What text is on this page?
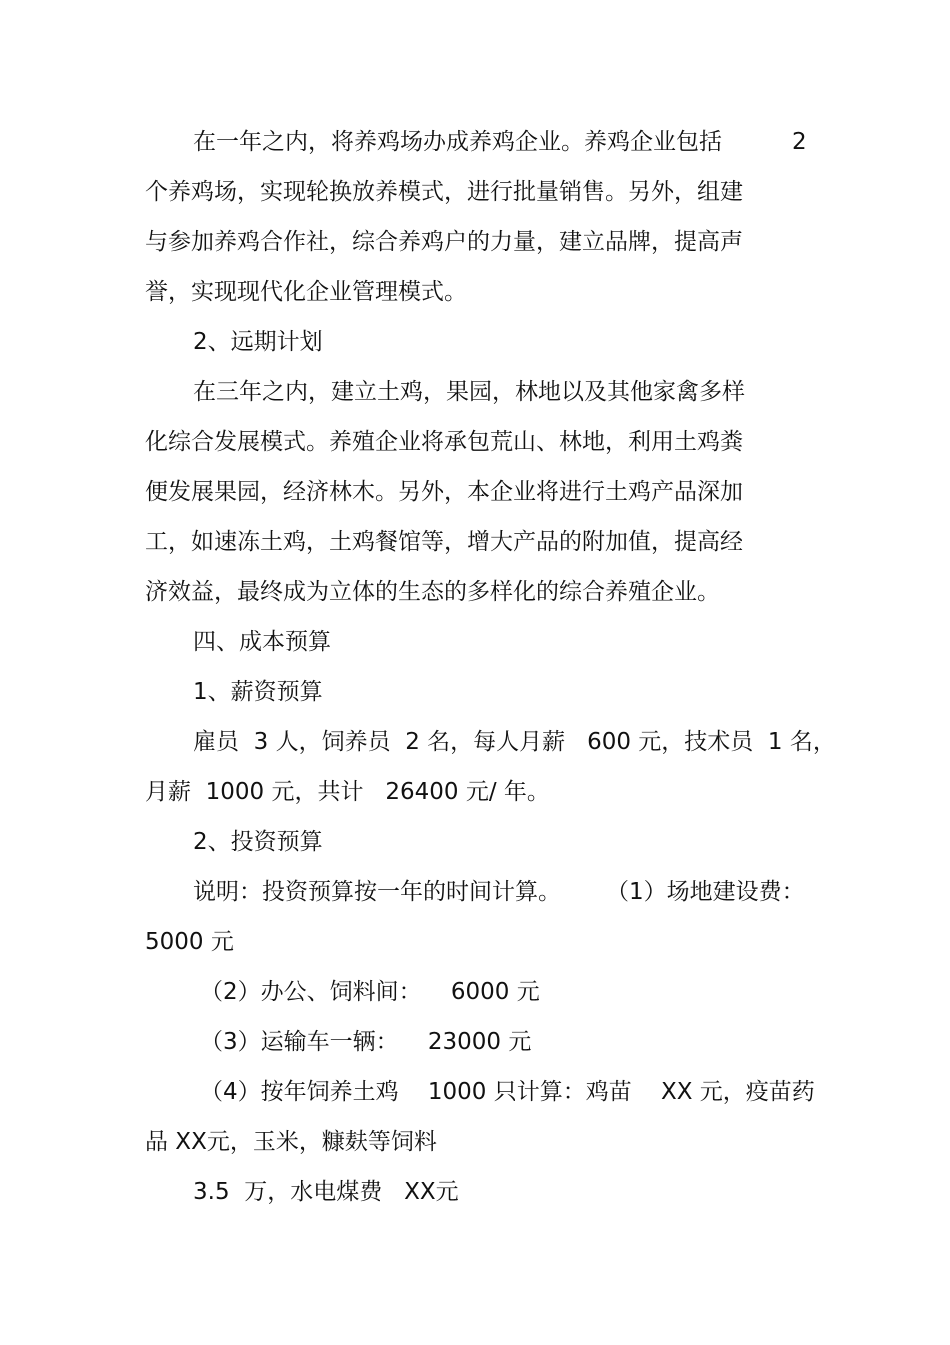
在一年之内，将养鸡场办成养鸡企业。养鸡企业包括	2
个养鸡场，实现轮换放养模式，进行批量销售。另外，组建
与参加养鸡合作社，综合养鸡户的力量，建立品牌，提高声
誉，实现现代化企业管理模式。
2、远期计划
在三年之内，建立土鸡，果园，林地以及其他家禽多样
化综合发展模式。养殖企业将承包荒山、林地，利用土鸡粪
便发展果园，经济林木。另外，本企业将进行土鸡产品深加
工，如速冻土鸡，土鸡餐馆等，增大产品的附加值，提高经
济效益，最终成为立体的生态的多样化的综合养殖企业。
四、成本预算
1、薪资预算
雇员  3 人，饲养员  2 名，每人月薪   600 元，技术员  1 名，
月薪  1000 元，共计   26400 元/ 年。
2、投资预算
说明：投资预算按一年的时间计算。 （1）场地建设费：
5000 元
（2）办公、饲料间：    6000 元
（3）运输车一辆：    23000 元
（4）按年饲养土鸡    1000 只计算：鸡苗    XX 元，疫苗药
品 XX元，玉米，糠麸等饲料
3.5  万，水电煤费   XX元
